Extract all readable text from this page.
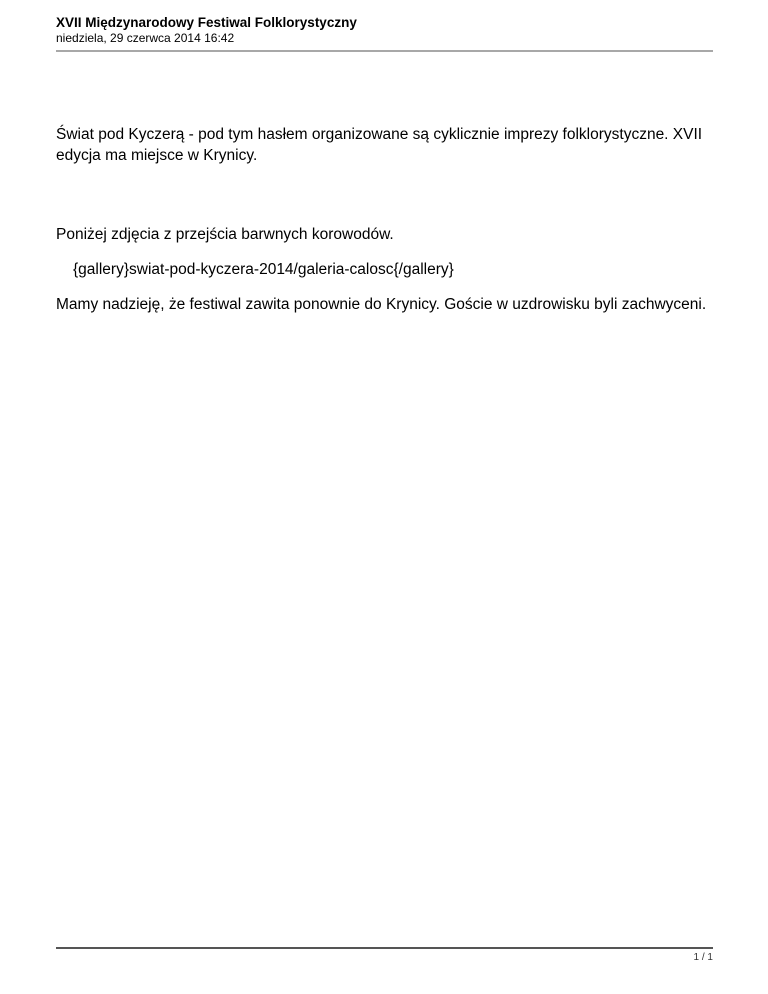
XVII Międzynarodowy Festiwal Folklorystyczny

niedziela, 29 czerwca 2014 16:42

Świat pod Kyczerą - pod tym hasłem organizowane są cyklicznie imprezy folklorystyczne. XVII edycja ma miejsce w Krynicy.

Poniżej zdjęcia z przejścia barwnych korowodów.

{gallery}swiat-pod-kyczera-2014/galeria-calosc{/gallery}

Mamy nadzieję, że festiwal zawita ponownie do Krynicy. Goście w uzdrowisku byli zachwyceni.

1 / 1
